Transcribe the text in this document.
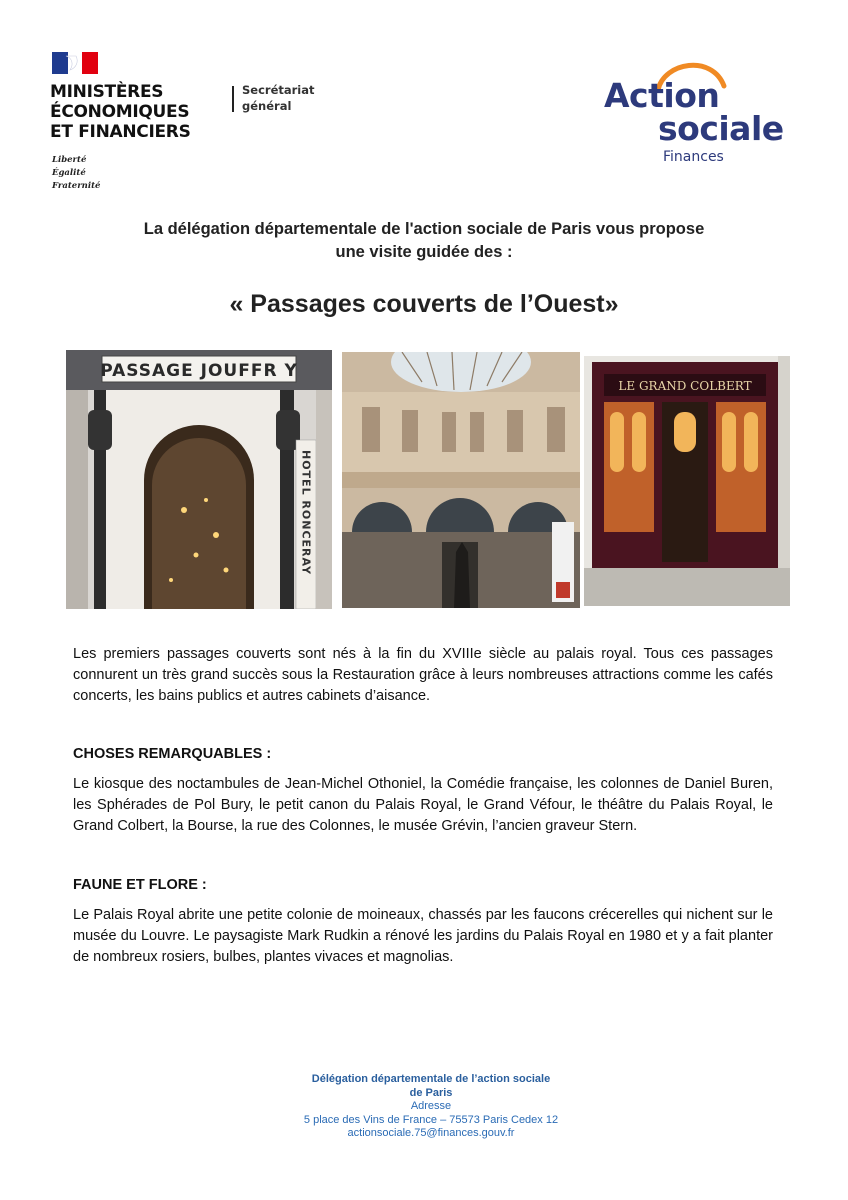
MINISTÈRES
ÉCONOMIQUES
ET FINANCIERS
Liberté
Égalité
Fraternité
Secrétariat
général	Action
sociale
Finances
La délégation départementale de l'action sociale de Paris vous propose
une visite guidée des :
« Passages couverts de l’Ouest»
PASSAGE JOUFFR Y
HOTEL RONCERAY
LE GRAND COLBERT
Les premiers passages couverts sont nés à la fin du XVIIIe siècle au palais royal. Tous ces passages connurent un très grand succès sous la Restauration grâce à leurs nombreuses attractions comme les cafés concerts, les bains publics et autres cabinets d’aisance.
CHOSES REMARQUABLES :
Le kiosque des noctambules de Jean-Michel Othoniel, la Comédie française, les colonnes de Daniel Buren, les Sphérades de Pol Bury, le petit canon du Palais Royal, le Grand Véfour, le théâtre du Palais Royal, le Grand Colbert, la Bourse, la rue des Colonnes, le musée Grévin, l’ancien graveur Stern.
FAUNE ET FLORE :
Le Palais Royal abrite une petite colonie de moineaux, chassés par les faucons crécerelles qui nichent sur le musée du Louvre. Le paysagiste Mark Rudkin a rénové les jardins du Palais Royal en 1980 et y a fait planter de nombreux rosiers, bulbes, plantes vivaces et magnolias.
Délégation départementale de l’action sociale
de Paris
Adresse
5 place des Vins de France – 75573 Paris Cedex 12
actionsociale.75@finances.gouv.fr
